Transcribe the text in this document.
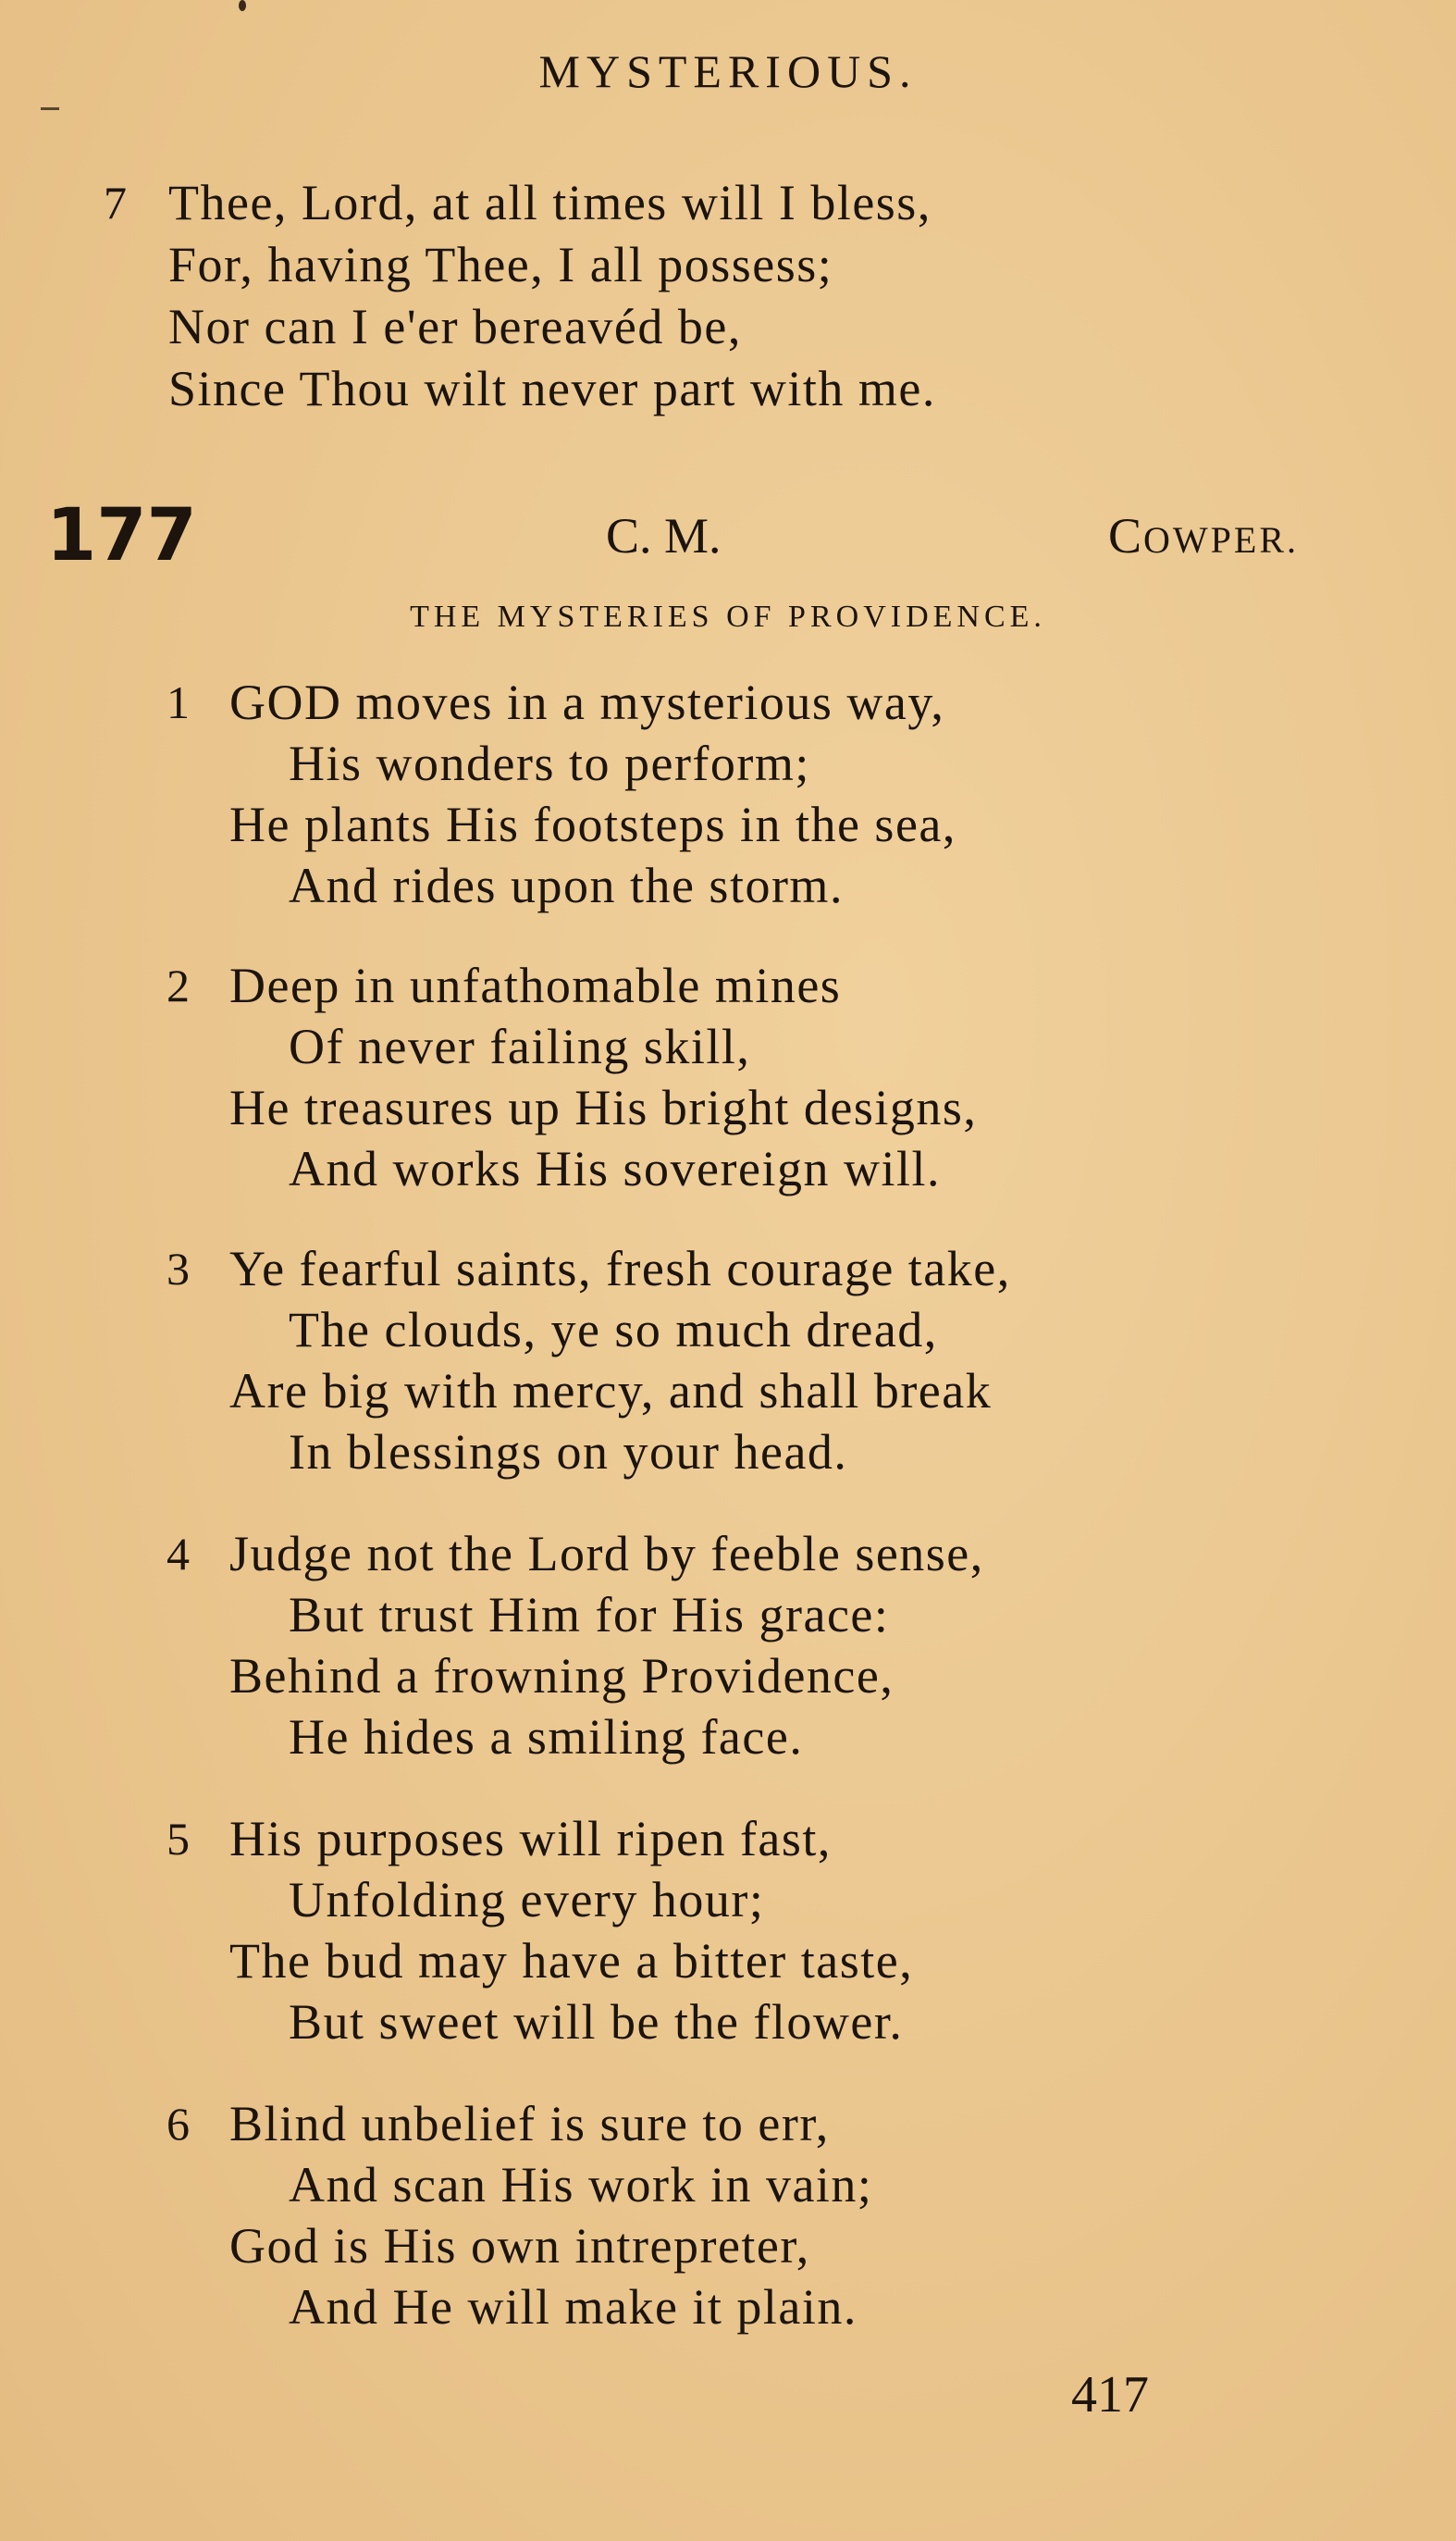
MYSTERIOUS.
7 Thee, Lord, at all times will I bless,
For, having Thee, I all possess;
Nor can I e'er bereavéd be,
Since Thou wilt never part with me.
177	C. M.	COWPER.
THE MYSTERIES OF PROVIDENCE.
1 GOD moves in a mysterious way,
His wonders to perform;
He plants His footsteps in the sea,
And rides upon the storm.
2 Deep in unfathomable mines
Of never failing skill,
He treasures up His bright designs,
And works His sovereign will.
3 Ye fearful saints, fresh courage take,
The clouds, ye so much dread,
Are big with mercy, and shall break
In blessings on your head.
4 Judge not the Lord by feeble sense,
But trust Him for His grace:
Behind a frowning Providence,
He hides a smiling face.
5 His purposes will ripen fast,
Unfolding every hour;
The bud may have a bitter taste,
But sweet will be the flower.
6 Blind unbelief is sure to err,
And scan His work in vain;
God is His own intrepreter,
And He will make it plain.
417
